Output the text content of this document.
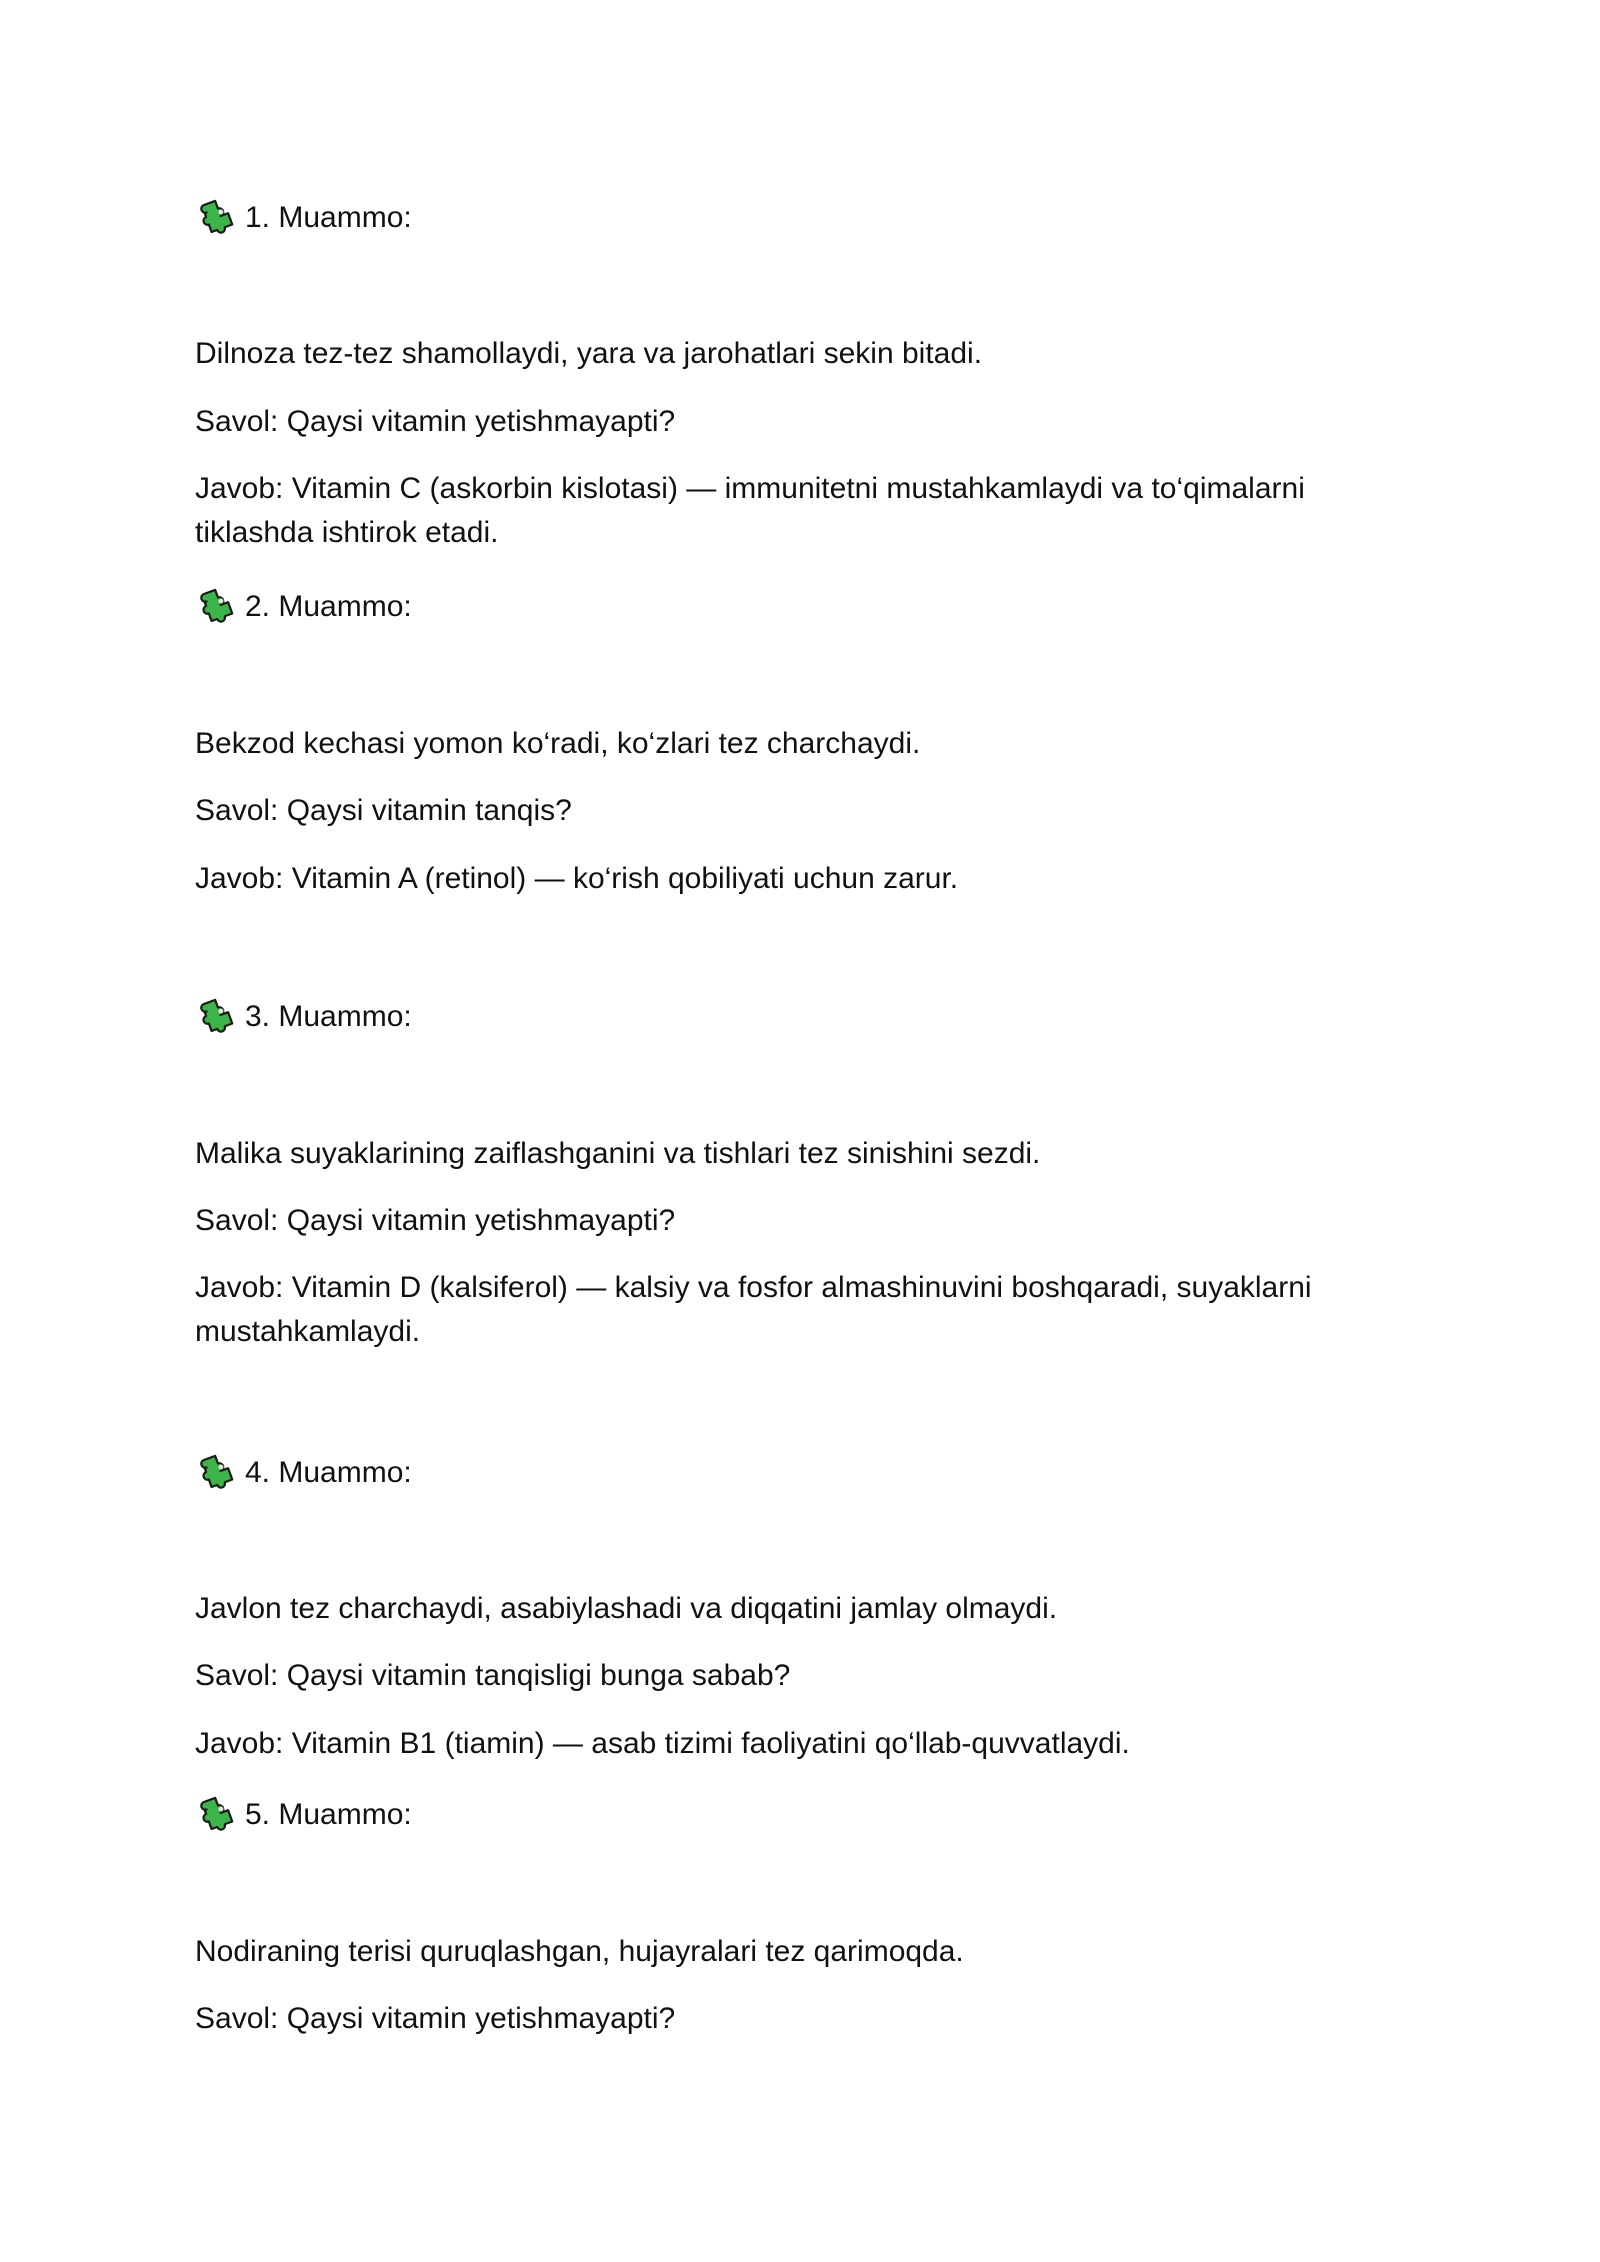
1. Muammo:
Dilnoza tez-tez shamollaydi, yara va jarohatlari sekin bitadi.
Savol: Qaysi vitamin yetishmayapti?
Javob: Vitamin C (askorbin kislotasi) — immunitetni mustahkamlaydi va to‘qimalarni tiklashda ishtirok etadi.
2. Muammo:
Bekzod kechasi yomon ko‘radi, ko‘zlari tez charchaydi.
Savol: Qaysi vitamin tanqis?
Javob: Vitamin A (retinol) — ko‘rish qobiliyati uchun zarur.
3. Muammo:
Malika suyaklarining zaiflashganini va tishlari tez sinishini sezdi.
Savol: Qaysi vitamin yetishmayapti?
Javob: Vitamin D (kalsiferol) — kalsiy va fosfor almashinuvini boshqaradi, suyaklarni mustahkamlaydi.
4. Muammo:
Javlon tez charchaydi, asabiylashadi va diqqatini jamlay olmaydi.
Savol: Qaysi vitamin tanqisligi bunga sabab?
Javob: Vitamin B1 (tiamin) — asab tizimi faoliyatini qo‘llab-quvvatlaydi.
5. Muammo:
Nodiraning terisi quruqlashgan, hujayralari tez qarimoqda.
Savol: Qaysi vitamin yetishmayapti?
